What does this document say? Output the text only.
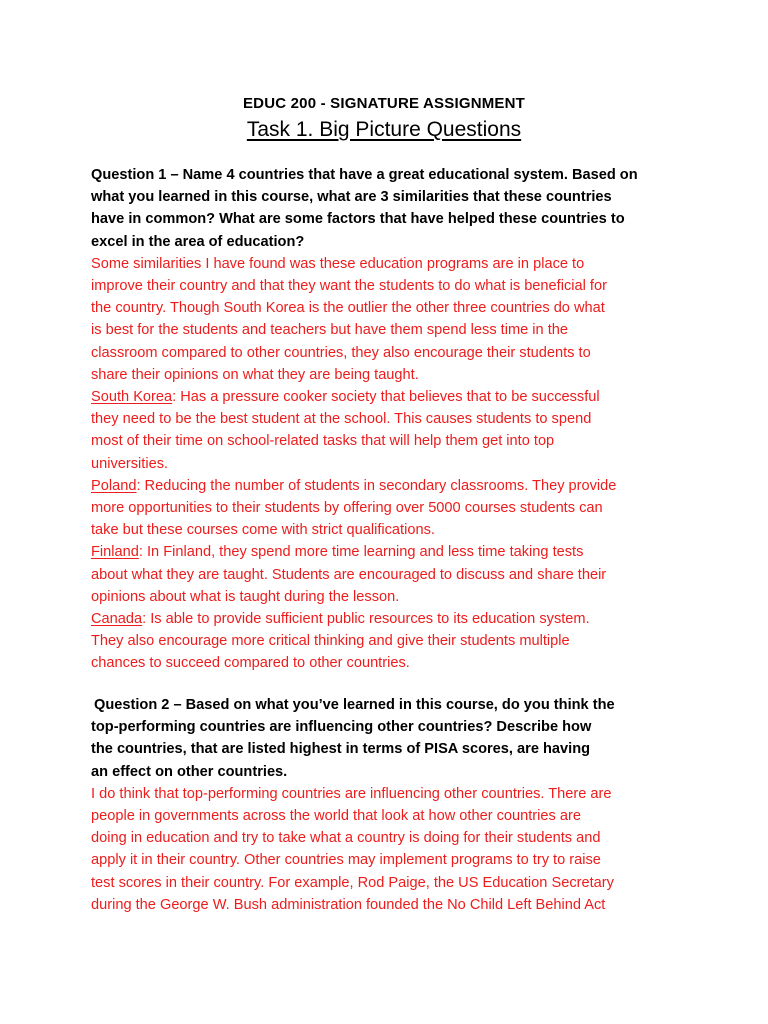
EDUC 200 - SIGNATURE ASSIGNMENT
Task 1. Big Picture Questions
Question 1 – Name 4 countries that have a great educational system. Based on
what you learned in this course, what are 3 similarities that these countries
have in common? What are some factors that have helped these countries to
excel in the area of education?
Some similarities I have found was these education programs are in place to
improve their country and that they want the students to do what is beneficial for
the country. Though South Korea is the outlier the other three countries do what
is best for the students and teachers but have them spend less time in the
classroom compared to other countries, they also encourage their students to
share their opinions on what they are being taught.
South Korea: Has a pressure cooker society that believes that to be successful
they need to be the best student at the school. This causes students to spend
most of their time on school-related tasks that will help them get into top
universities.
Poland: Reducing the number of students in secondary classrooms. They provide
more opportunities to their students by offering over 5000 courses students can
take but these courses come with strict qualifications.
Finland: In Finland, they spend more time learning and less time taking tests
about what they are taught. Students are encouraged to discuss and share their
opinions about what is taught during the lesson.
Canada: Is able to provide sufficient public resources to its education system.
They also encourage more critical thinking and give their students multiple
chances to succeed compared to other countries.
Question 2 – Based on what you’ve learned in this course, do you think the
top-performing countries are influencing other countries? Describe how
the countries, that are listed highest in terms of PISA scores, are having
an effect on other countries.
I do think that top-performing countries are influencing other countries. There are
people in governments across the world that look at how other countries are
doing in education and try to take what a country is doing for their students and
apply it in their country. Other countries may implement programs to try to raise
test scores in their country. For example, Rod Paige, the US Education Secretary
during the George W. Bush administration founded the No Child Left Behind Act
